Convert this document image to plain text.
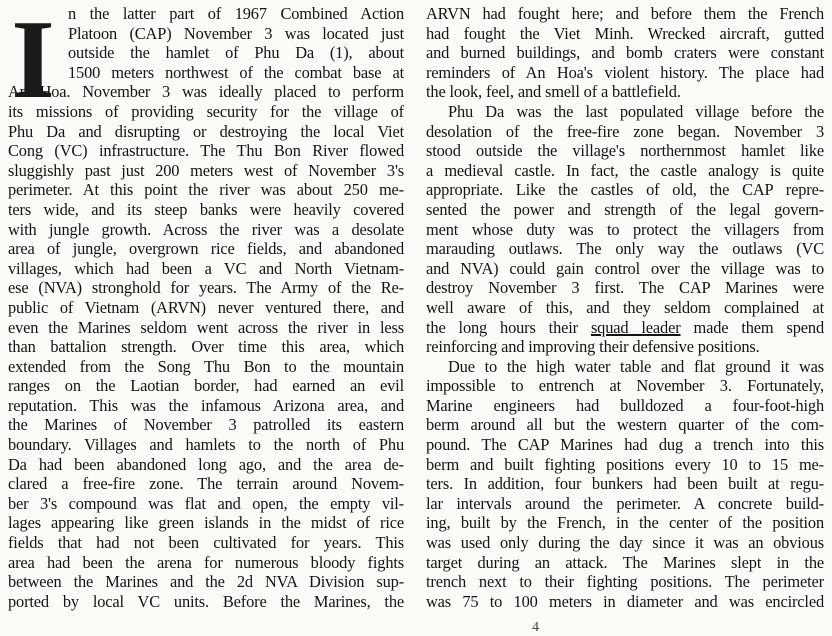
I n the latter part of 1967 Combined Action
Platoon (CAP) November 3 was located just
outside the hamlet of Phu Da (1), about
1500 meters northwest of the combat base at
An Hoa. November 3 was ideally placed to perform
its missions of providing security for the village of
Phu Da and disrupting or destroying the local Viet
Cong (VC) infrastructure. The Thu Bon River flowed
sluggishly past just 200 meters west of November 3's
perimeter. At this point the river was about 250 me-
ters wide, and its steep banks were heavily covered
with jungle growth. Across the river was a desolate
area of jungle, overgrown rice fields, and abandoned
villages, which had been a VC and North Vietnam-
ese (NVA) stronghold for years. The Army of the Re-
public of Vietnam (ARVN) never ventured there, and
even the Marines seldom went across the river in less
than battalion strength. Over time this area, which
extended from the Song Thu Bon to the mountain
ranges on the Laotian border, had earned an evil
reputation. This was the infamous Arizona area, and
the Marines of November 3 patrolled its eastern
boundary. Villages and hamlets to the north of Phu
Da had been abandoned long ago, and the area de-
clared a free-fire zone. The terrain around Novem-
ber 3's compound was flat and open, the empty vil-
lages appearing like green islands in the midst of rice
fields that had not been cultivated for years. This
area had been the arena for numerous bloody fights
between the Marines and the 2d NVA Division sup-
ported by local VC units. Before the Marines, the
ARVN had fought here; and before them the French
had fought the Viet Minh. Wrecked aircraft, gutted
and burned buildings, and bomb craters were constant
reminders of An Hoa's violent history. The place had
the look, feel, and smell of a battlefield.
Phu Da was the last populated village before the
desolation of the free-fire zone began. November 3
stood outside the village's northernmost hamlet like
a medieval castle. In fact, the castle analogy is quite
appropriate. Like the castles of old, the CAP repre-
sented the power and strength of the legal govern-
ment whose duty was to protect the villagers from
marauding outlaws. The only way the outlaws (VC
and NVA) could gain control over the village was to
destroy November 3 first. The CAP Marines were
well aware of this, and they seldom complained at
the long hours their squad leader made them spend
reinforcing and improving their defensive positions.
Due to the high water table and flat ground it was
impossible to entrench at November 3. Fortunately,
Marine engineers had bulldozed a four-foot-high
berm around all but the western quarter of the com-
pound. The CAP Marines had dug a trench into this
berm and built fighting positions every 10 to 15 me-
ters. In addition, four bunkers had been built at regu-
lar intervals around the perimeter. A concrete build-
ing, built by the French, in the center of the position
was used only during the day since it was an obvious
target during an attack. The Marines slept in the
trench next to their fighting positions. The perimeter
was 75 to 100 meters in diameter and was encircled
4
